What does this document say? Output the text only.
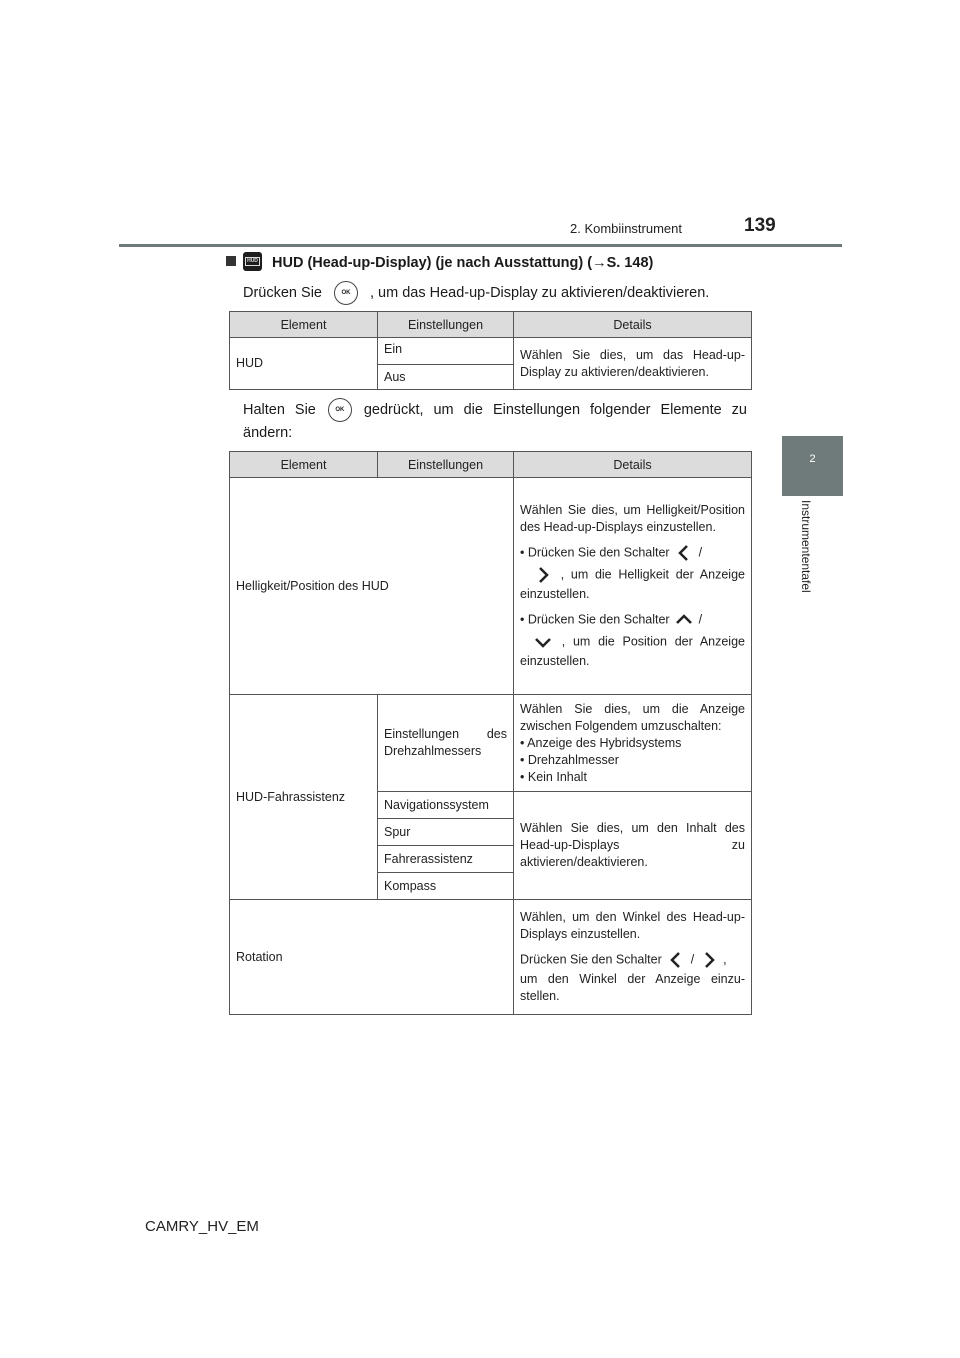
2. Kombiinstrument	139
2
Instrumententafel
HUD HUD (Head-up-Display) (je nach Ausstattung) (→S. 148)
Drücken Sie	OK , um das Head-up-Display zu aktivieren/deaktivieren.
Element	Einstellungen	Details
HUD	Ein	Wählen Sie dies, um das Head-up-Display zu aktivieren/deaktivieren.
	Aus	
Halten Sie	OK gedrückt, um die Einstellungen folgender Elemente zu ändern:
Element	Einstellungen	Details
Helligkeit/Position des HUD		Wählen Sie dies, um Helligkeit/Position des Head-up-Displays einzustellen.
• Drücken Sie den Schalter /
, um die Helligkeit der Anzeige einzustellen.
• Drücken Sie den Schalter /
, um die Position der Anzeige einzustellen.

HUD-Fahrassistenz	Einstellungen des Drehzahlmessers	Wählen Sie dies, um die Anzeige zwischen Folgendem umzuschalten:
• Anzeige des Hybridsystems
• Drehzahlmesser
• Kein Inhalt

	Navigationssystem	Wählen Sie dies, um den Inhalt des Head-up-Displays zu aktivieren/deaktivieren.
	Spur	
	Fahrerassistenz	
	Kompass	
Rotation		Wählen, um den Winkel des Head-up-Displays einzustellen.
Drücken Sie den Schalter / ,
um den Winkel der Anzeige einzu-stellen.
CAMRY_HV_EM
